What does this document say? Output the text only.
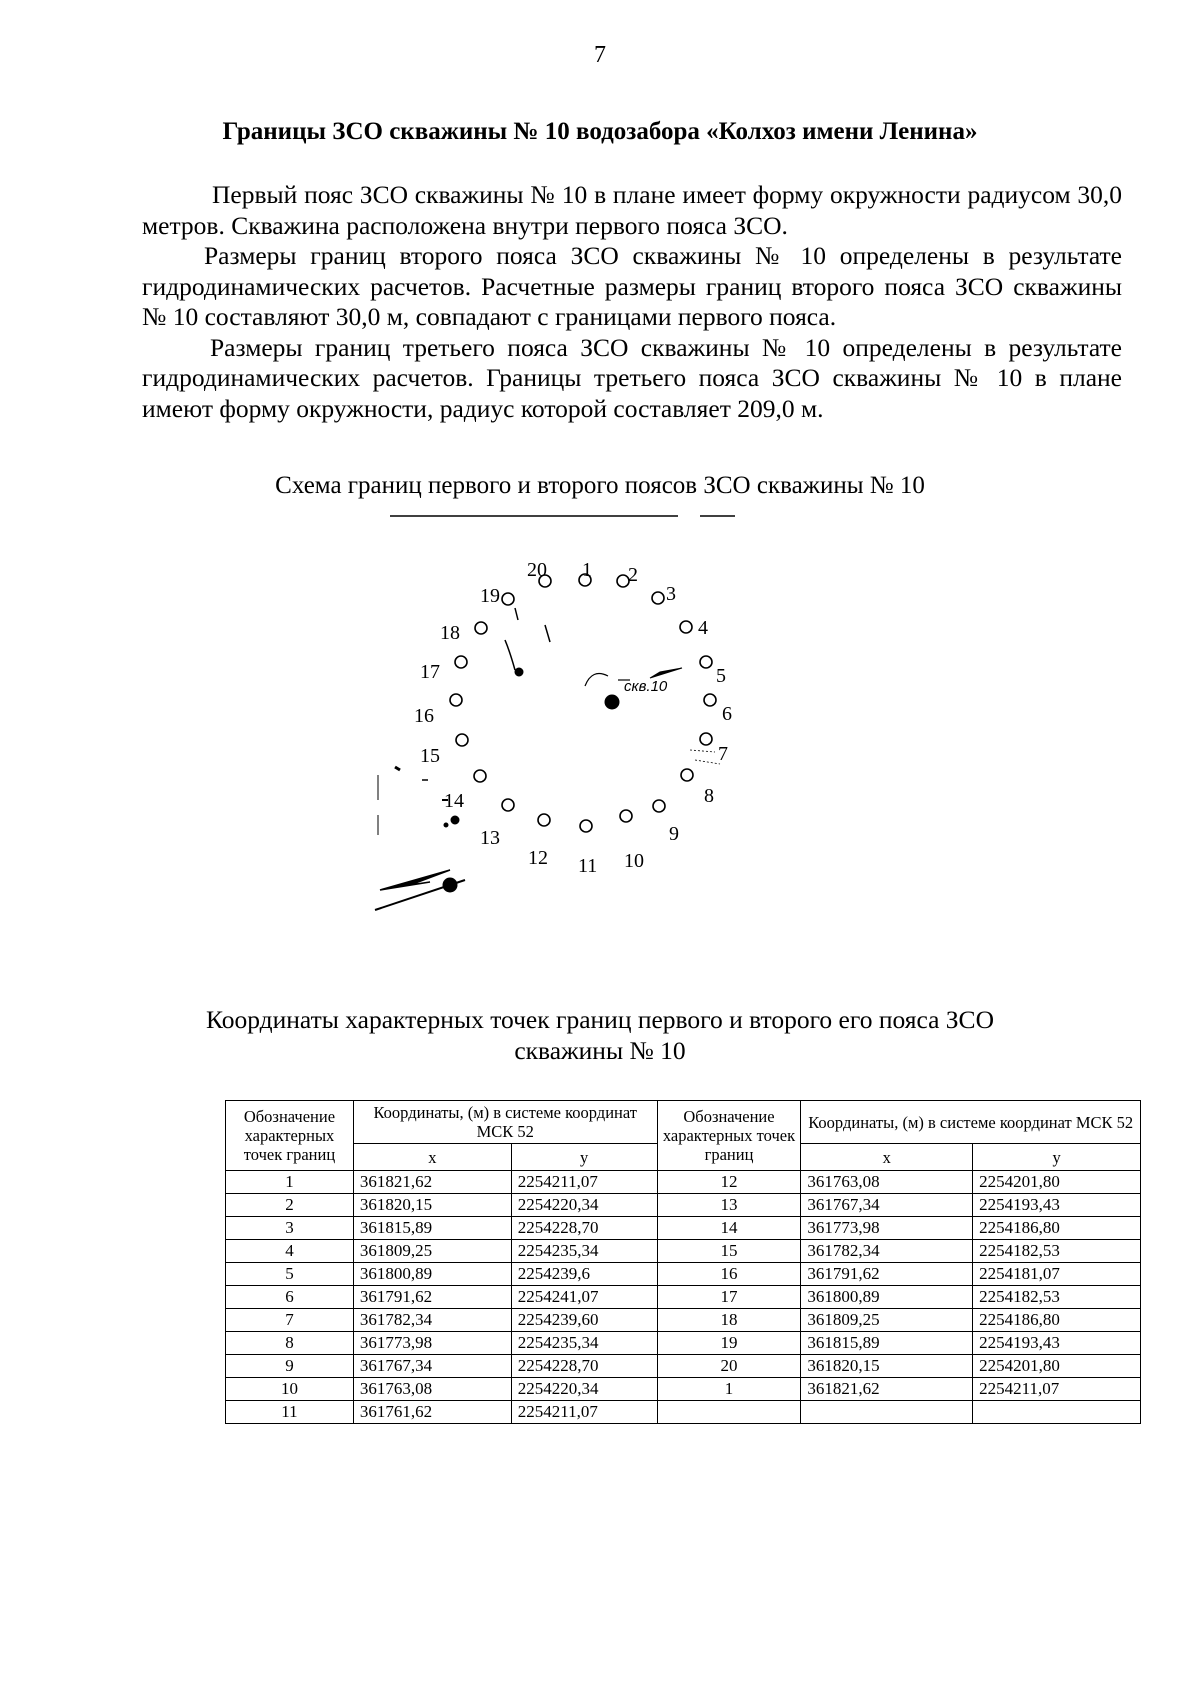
7
Границы ЗСО скважины № 10 водозабора «Колхоз имени Ленина»

Первый пояс ЗСО скважины № 10 в плане имеет форму окружности радиусом 30,0 метров. Скважина расположена внутри первого пояса ЗСО.

Размеры границ второго пояса ЗСО скважины № 10 определены в результате гидродинамических расчетов. Расчетные размеры границ второго пояса ЗСО скважины № 10 составляют 30,0 м, совпадают с границами первого пояса.

Размеры границ третьего пояса ЗСО скважины № 10 определены в результате гидродинамических расчетов. Границы третьего пояса ЗСО скважины № 10 в плане имеют форму окружности, радиус которой составляет 209,0 м.

Схема границ первого и второго поясов ЗСО скважины № 10
скв.10
1 2
3
4
5
6
7
8
9
10
11
12
13
14
15
16
17
18
19
20
Координаты характерных точек границ первого и второго его пояса ЗСО
скважины № 10
Обозначение характерных точек границ	Координаты, (м) в системе координат МСК 52		Обозначение характерных точек границ	Координаты, (м) в системе координат МСК 52	
	x	y		x	y
1	361821,62	2254211,07	12	361763,08	2254201,80
2	361820,15	2254220,34	13	361767,34	2254193,43
3	361815,89	2254228,70	14	361773,98	2254186,80
4	361809,25	2254235,34	15	361782,34	2254182,53
5	361800,89	2254239,6	16	361791,62	2254181,07
6	361791,62	2254241,07	17	361800,89	2254182,53
7	361782,34	2254239,60	18	361809,25	2254186,80
8	361773,98	2254235,34	19	361815,89	2254193,43
9	361767,34	2254228,70	20	361820,15	2254201,80
10	361763,08	2254220,34	1	361821,62	2254211,07
11	361761,62	2254211,07			
